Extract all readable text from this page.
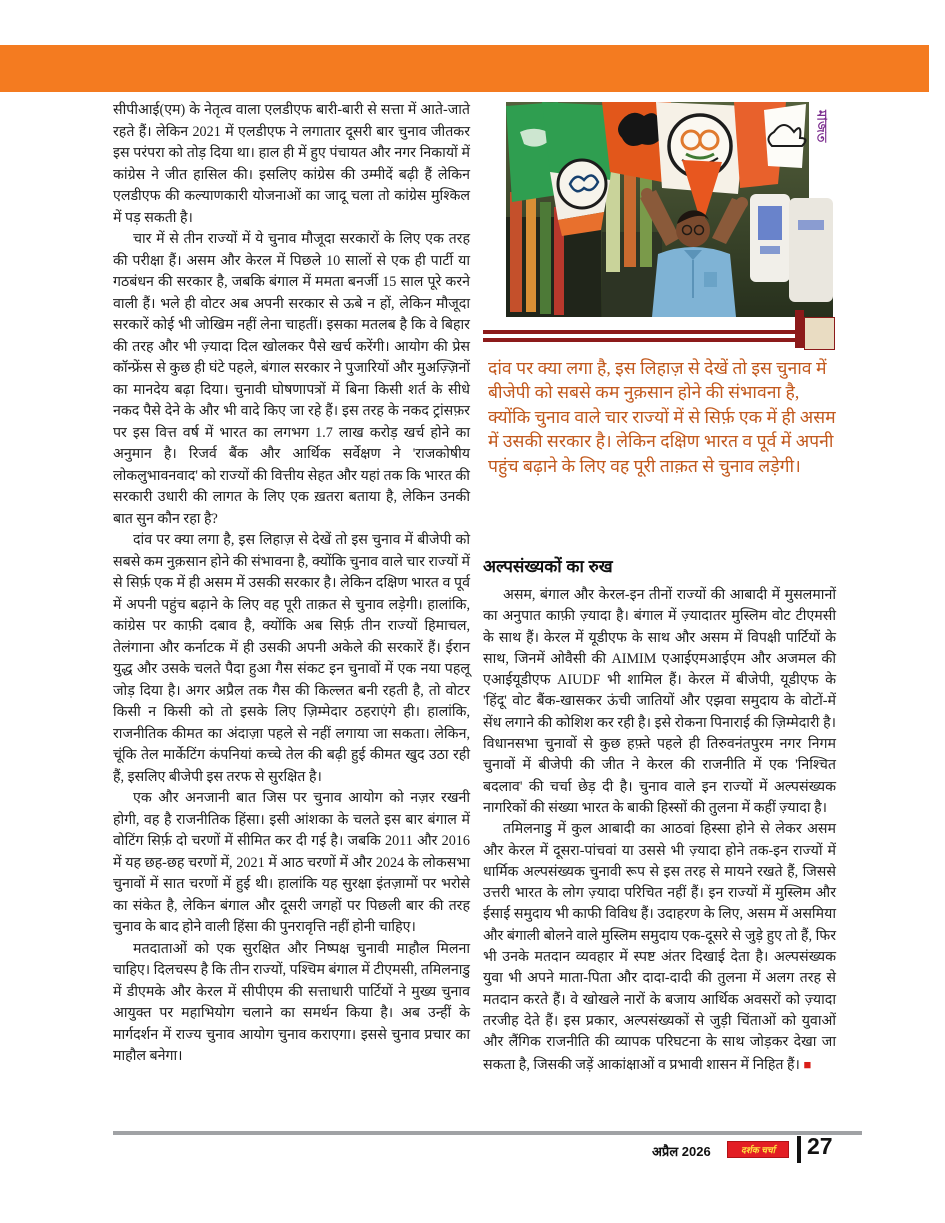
सीपीआई(एम) के नेतृत्व वाला एलडीएफ बारी-बारी से सत्ता में आते-जाते रहते हैं। लेकिन 2021 में एलडीएफ ने लगातार दूसरी बार चुनाव जीतकर इस परंपरा को तोड़ दिया था। हाल ही में हुए पंचायत और नगर निकायों में कांग्रेस ने जीत हासिल की। इसलिए कांग्रेस की उम्मीदें बढ़ी हैं लेकिन एलडीएफ की कल्याणकारी योजनाओं का जादू चला तो कांग्रेस मुश्किल में पड़ सकती है।

चार में से तीन राज्यों में ये चुनाव मौजूदा सरकारों के लिए एक तरह की परीक्षा हैं। असम और केरल में पिछले 10 सालों से एक ही पार्टी या गठबंधन की सरकार है, जबकि बंगाल में ममता बनर्जी 15 साल पूरे करने वाली हैं। भले ही वोटर अब अपनी सरकार से ऊबे न हों, लेकिन मौजूदा सरकारें कोई भी जोखिम नहीं लेना चाहतीं। इसका मतलब है कि वे बिहार की तरह और भी ज़्यादा दिल खोलकर पैसे खर्च करेंगी। आयोग की प्रेस कॉन्फ्रेंस से कुछ ही घंटे पहले, बंगाल सरकार ने पुजारियों और मुअज़्ज़िनों का मानदेय बढ़ा दिया। चुनावी घोषणापत्रों में बिना किसी शर्त के सीधे नकद पैसे देने के और भी वादे किए जा रहे हैं। इस तरह के नकद ट्रांसफ़र पर इस वित्त वर्ष में भारत का लगभग 1.7 लाख करोड़ खर्च होने का अनुमान है। रिजर्व बैंक और आर्थिक सर्वेक्षण ने 'राजकोषीय लोकलुभावनवाद' को राज्यों की वित्तीय सेहत और यहां तक कि भारत की सरकारी उधारी की लागत के लिए एक ख़तरा बताया है, लेकिन उनकी बात सुन कौन रहा है?

दांव पर क्या लगा है, इस लिहाज़ से देखें तो इस चुनाव में बीजेपी को सबसे कम नुक़सान होने की संभावना है, क्योंकि चुनाव वाले चार राज्यों में से सिर्फ़ एक में ही असम में उसकी सरकार है। लेकिन दक्षिण भारत व पूर्व में अपनी पहुंच बढ़ाने के लिए वह पूरी ताक़त से चुनाव लड़ेगी। हालांकि, कांग्रेस पर काफ़ी दबाव है, क्योंकि अब सिर्फ़ तीन राज्यों हिमाचल, तेलंगाना और कर्नाटक में ही उसकी अपनी अकेले की सरकारें हैं। ईरान युद्ध और उसके चलते पैदा हुआ गैस संकट इन चुनावों में एक नया पहलू जोड़ दिया है। अगर अप्रैल तक गैस की किल्लत बनी रहती है, तो वोटर किसी न किसी को तो इसके लिए ज़िम्मेदार ठहराएंगे ही। हालांकि, राजनीतिक कीमत का अंदाज़ा पहले से नहीं लगाया जा सकता। लेकिन, चूंकि तेल मार्केटिंग कंपनियां कच्चे तेल की बढ़ी हुई कीमत खुद उठा रही हैं, इसलिए बीजेपी इस तरफ से सुरक्षित है।

एक और अनजानी बात जिस पर चुनाव आयोग को नज़र रखनी होगी, वह है राजनीतिक हिंसा। इसी आंशका के चलते इस बार बंगाल में वोटिंग सिर्फ़ दो चरणों में सीमित कर दी गई है। जबकि 2011 और 2016 में यह छह-छह चरणों में, 2021 में आठ चरणों में और 2024 के लोकसभा चुनावों में सात चरणों में हुई थी। हालांकि यह सुरक्षा इंतज़ामों पर भरोसे का संकेत है, लेकिन बंगाल और दूसरी जगहों पर पिछली बार की तरह चुनाव के बाद होने वाली हिंसा की पुनरावृत्ति नहीं होनी चाहिए।

मतदाताओं को एक सुरक्षित और निष्पक्ष चुनावी माहौल मिलना चाहिए। दिलचस्प है कि तीन राज्यों, पश्चिम बंगाल में टीएमसी, तमिलनाडु में डीएमके और केरल में सीपीएम की सत्ताधारी पार्टियों ने मुख्य चुनाव आयुक्त पर महाभियोग चलाने का समर्थन किया है। अब उन्हीं के मार्गदर्शन में राज्य चुनाव आयोग चुनाव कराएगा। इससे चुनाव प्रचार का माहौल बनेगा।

মাজত
दांव पर क्या लगा है, इस लिहाज़ से देखें तो इस चुनाव में बीजेपी को सबसे कम नुक़सान होने की संभावना है, क्योंकि चुनाव वाले चार राज्यों में से सिर्फ़ एक में ही असम में उसकी सरकार है। लेकिन दक्षिण भारत व पूर्व में अपनी पहुंच बढ़ाने के लिए वह पूरी ताक़त से चुनाव लड़ेगी।
अल्पसंख्यकों का रुख

असम, बंगाल और केरल-इन तीनों राज्यों की आबादी में मुसलमानों का अनुपात काफ़ी ज़्यादा है। बंगाल में ज़्यादातर मुस्लिम वोट टीएमसी के साथ हैं। केरल में यूडीएफ के साथ और असम में विपक्षी पार्टियों के साथ, जिनमें ओवैसी की AIMIM एआईएमआईएम और अजमल की एआईयूडीएफ AIUDF भी शामिल हैं। केरल में बीजेपी, यूडीएफ के 'हिंदू' वोट बैंक-खासकर ऊंची जातियों और एझवा समुदाय के वोटों-में सेंध लगाने की कोशिश कर रही है। इसे रोकना पिनाराई की ज़िम्मेदारी है। विधानसभा चुनावों से कुछ हफ़्ते पहले ही तिरुवनंतपुरम नगर निगम चुनावों में बीजेपी की जीत ने केरल की राजनीति में एक 'निश्चित बदलाव' की चर्चा छेड़ दी है। चुनाव वाले इन राज्यों में अल्पसंख्यक नागरिकों की संख्या भारत के बाकी हिस्सों की तुलना में कहीं ज़्यादा है।

तमिलनाडु में कुल आबादी का आठवां हिस्सा होने से लेकर असम और केरल में दूसरा-पांचवां या उससे भी ज़्यादा होने तक-इन राज्यों में धार्मिक अल्पसंख्यक चुनावी रूप से इस तरह से मायने रखते हैं, जिससे उत्तरी भारत के लोग ज़्यादा परिचित नहीं हैं। इन राज्यों में मुस्लिम और ईसाई समुदाय भी काफी विविध हैं। उदाहरण के लिए, असम में असमिया और बंगाली बोलने वाले मुस्लिम समुदाय एक-दूसरे से जुड़े हुए तो हैं, फिर भी उनके मतदान व्यवहार में स्पष्ट अंतर दिखाई देता है। अल्पसंख्यक युवा भी अपने माता-पिता और दादा-दादी की तुलना में अलग तरह से मतदान करते हैं। वे खोखले नारों के बजाय आर्थिक अवसरों को ज़्यादा तरजीह देते हैं। इस प्रकार, अल्पसंख्यकों से जुड़ी चिंताओं को युवाओं और लैंगिक राजनीति की व्यापक परिघटना के साथ जोड़कर देखा जा सकता है, जिसकी जड़ें आकांक्षाओं व प्रभावी शासन में निहित हैं। ■

अप्रैल 2026	दर्शक चर्चा	27
